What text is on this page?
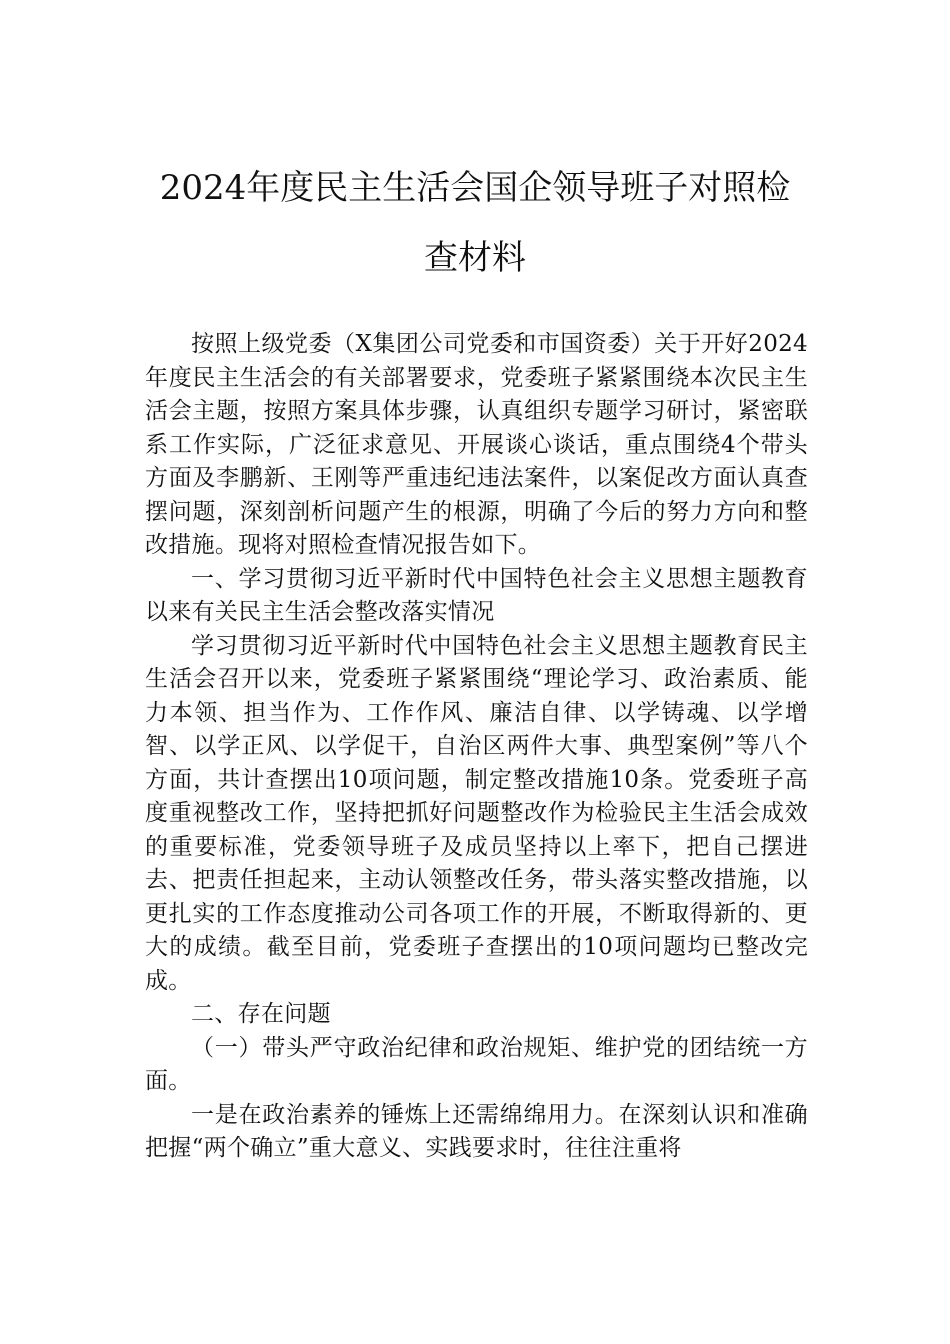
2024年度民主生活会国企领导班子对照检
查材料

按照上级党委（X集团公司党委和市国资委）关于开好2024年度民主生活会的有关部署要求，党委班子紧紧围绕本次民主生活会主题，按照方案具体步骤，认真组织专题学习研讨，紧密联系工作实际，广泛征求意见、开展谈心谈话，重点围绕4个带头方面及李鹏新、王刚等严重违纪违法案件，以案促改方面认真查摆问题，深刻剖析问题产生的根源，明确了今后的努力方向和整改措施。现将对照检查情况报告如下。

一、学习贯彻习近平新时代中国特色社会主义思想主题教育以来有关民主生活会整改落实情况

学习贯彻习近平新时代中国特色社会主义思想主题教育民主生活会召开以来，党委班子紧紧围绕“理论学习、政治素质、能力本领、担当作为、工作作风、廉洁自律、以学铸魂、以学增智、以学正风、以学促干，自治区两件大事、典型案例”等八个方面，共计查摆出10项问题，制定整改措施10条。党委班子高度重视整改工作，坚持把抓好问题整改作为检验民主生活会成效的重要标准，党委领导班子及成员坚持以上率下，把自己摆进去、把责任担起来，主动认领整改任务，带头落实整改措施，以更扎实的工作态度推动公司各项工作的开展，不断取得新的、更大的成绩。截至目前，党委班子查摆出的10项问题均已整改完成。

二、存在问题

（一）带头严守政治纪律和政治规矩、维护党的团结统一方面。

一是在政治素养的锤炼上还需绵绵用力。在深刻认识和准确把握“两个确立”重大意义、实践要求时，往往注重将
